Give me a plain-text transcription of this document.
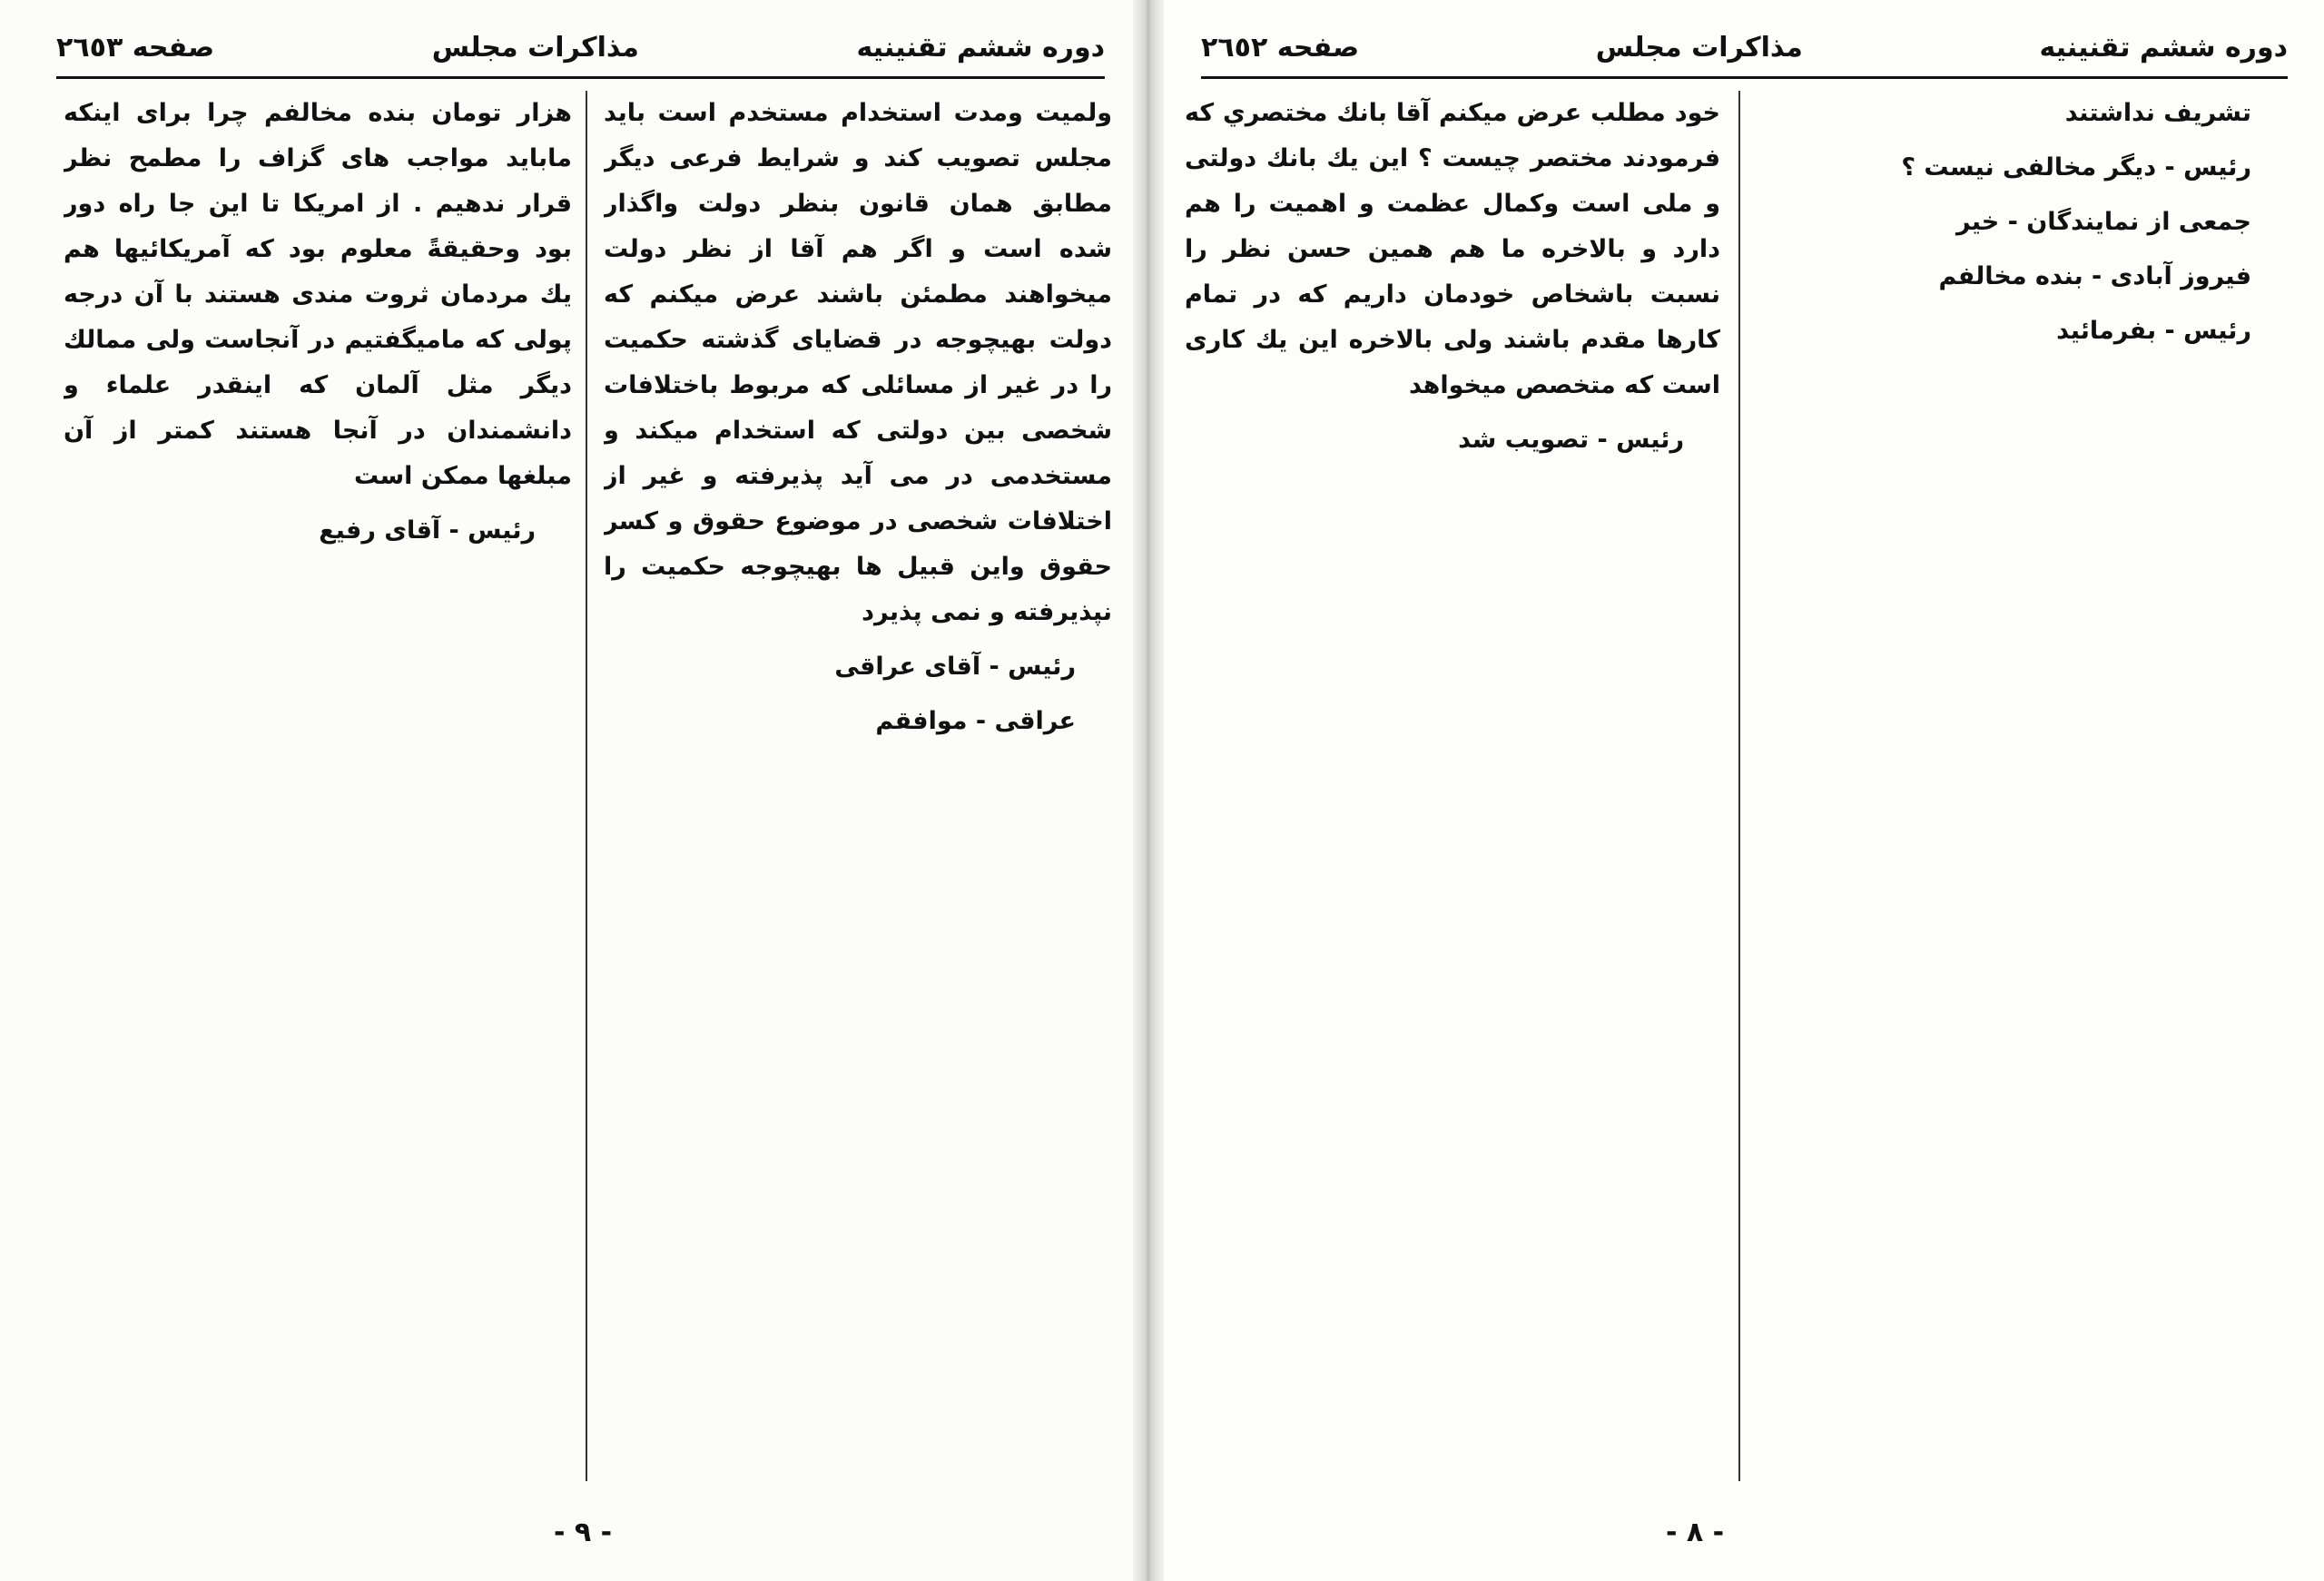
دوره ششم تقنينيه
مذاكرات مجلس
صفحه ٢٦٥٣

ولميت ومدت استخدام مستخدم است بايد مجلس تصويب كند و شرايط فرعى ديگر مطابق همان قانون بنظر دولت واگذار شده است و اگر هم آقا از نظر دولت ميخواهند مطمئن باشند عرض ميكنم كه دولت بهيچوجه در قضاياى گذشته حكميت را در غير از مسائلى كه مربوط باختلافات شخصى بين دولتى كه استخدام ميكند و مستخدمى در مى آيد پذيرفته و غير از اختلافات شخصى در موضوع حقوق و كسر حقوق واين قبيل ها بهيچوجه حكميت را نپذيرفته و نمى پذيرد

رئيس - آقاى عراقى

عراقى - موافقم

هزار تومان بنده مخالفم چرا براى اينكه مابايد مواجب هاى گزاف را مطمح نظر قرار ندهيم . از امريكا تا اين جا راه دور بود وحقيقةً معلوم بود كه آمريكائيها هم يك مردمان ثروت مندى هستند با آن درجه پولى كه ماميگفتيم در آنجاست ولى ممالك ديگر مثل آلمان كه اينقدر علماء و دانشمندان در آنجا هستند كمتر از آن مبلغها ممكن است

رئيس - آقاى رفيع

- ٩ -
دوره ششم تقنينيه
مذاكرات مجلس
صفحه ٢٦٥٢

تشريف نداشتند

رئيس - ديگر مخالفى نيست ؟

جمعى از نمايندگان - خير

فيروز آبادى - بنده مخالفم

رئيس - بفرمائيد

خود مطلب عرض ميكنم آقا بانك مختصري كه فرمودند مختصر چيست ؟ اين يك بانك دولتى و ملى است وكمال عظمت و اهميت را هم دارد و بالاخره ما هم همين حسن نظر را نسبت باشخاص خودمان داريم كه در تمام كارها مقدم باشند ولى بالاخره اين يك كارى است كه متخصص ميخواهد

رئيس - تصويب شد

- ٨ -
